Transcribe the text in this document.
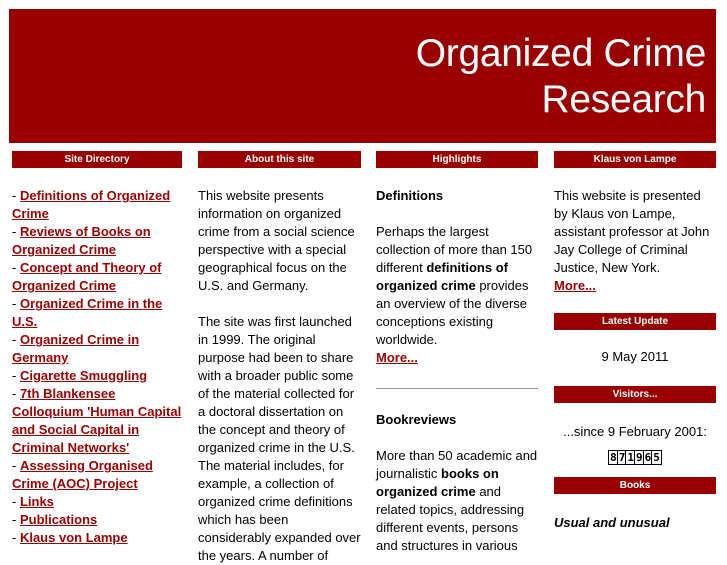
Organized Crime
Research
Site Directory
- Definitions of Organized Crime
- Reviews of Books on Organized Crime
- Concept and Theory of Organized Crime
- Organized Crime in the U.S.
- Organized Crime in Germany
- Cigarette Smuggling
- 7th Blankensee Colloquium 'Human Capital and Social Capital in Criminal Networks'
- Assessing Organised Crime (AOC) Project
- Links
- Publications
- Klaus von Lampe
About this site
This website presents information on organized crime from a social science perspective with a special geographical focus on the U.S. and Germany.
The site was first launched in 1999. The original purpose had been to share with a broader public some of the material collected for a doctoral dissertation on the concept and theory of organized crime in the U.S. The material includes, for example, a collection of organized crime definitions which has been considerably expanded over the years. A number of
Highlights
Definitions
Perhaps the largest collection of more than 150 different definitions of organized crime provides an overview of the diverse conceptions existing worldwide.
More...
Bookreviews
More than 50 academic and journalistic books on organized crime and related topics, addressing different events, persons and structures in various
Klaus von Lampe
This website is presented by Klaus von Lampe, assistant professor at John Jay College of Criminal Justice, New York.
More...
Latest Update
9 May 2011
Visitors...
...since 9 February 2001:
8 7 1 9 6 5
Books
Usual and unusual
